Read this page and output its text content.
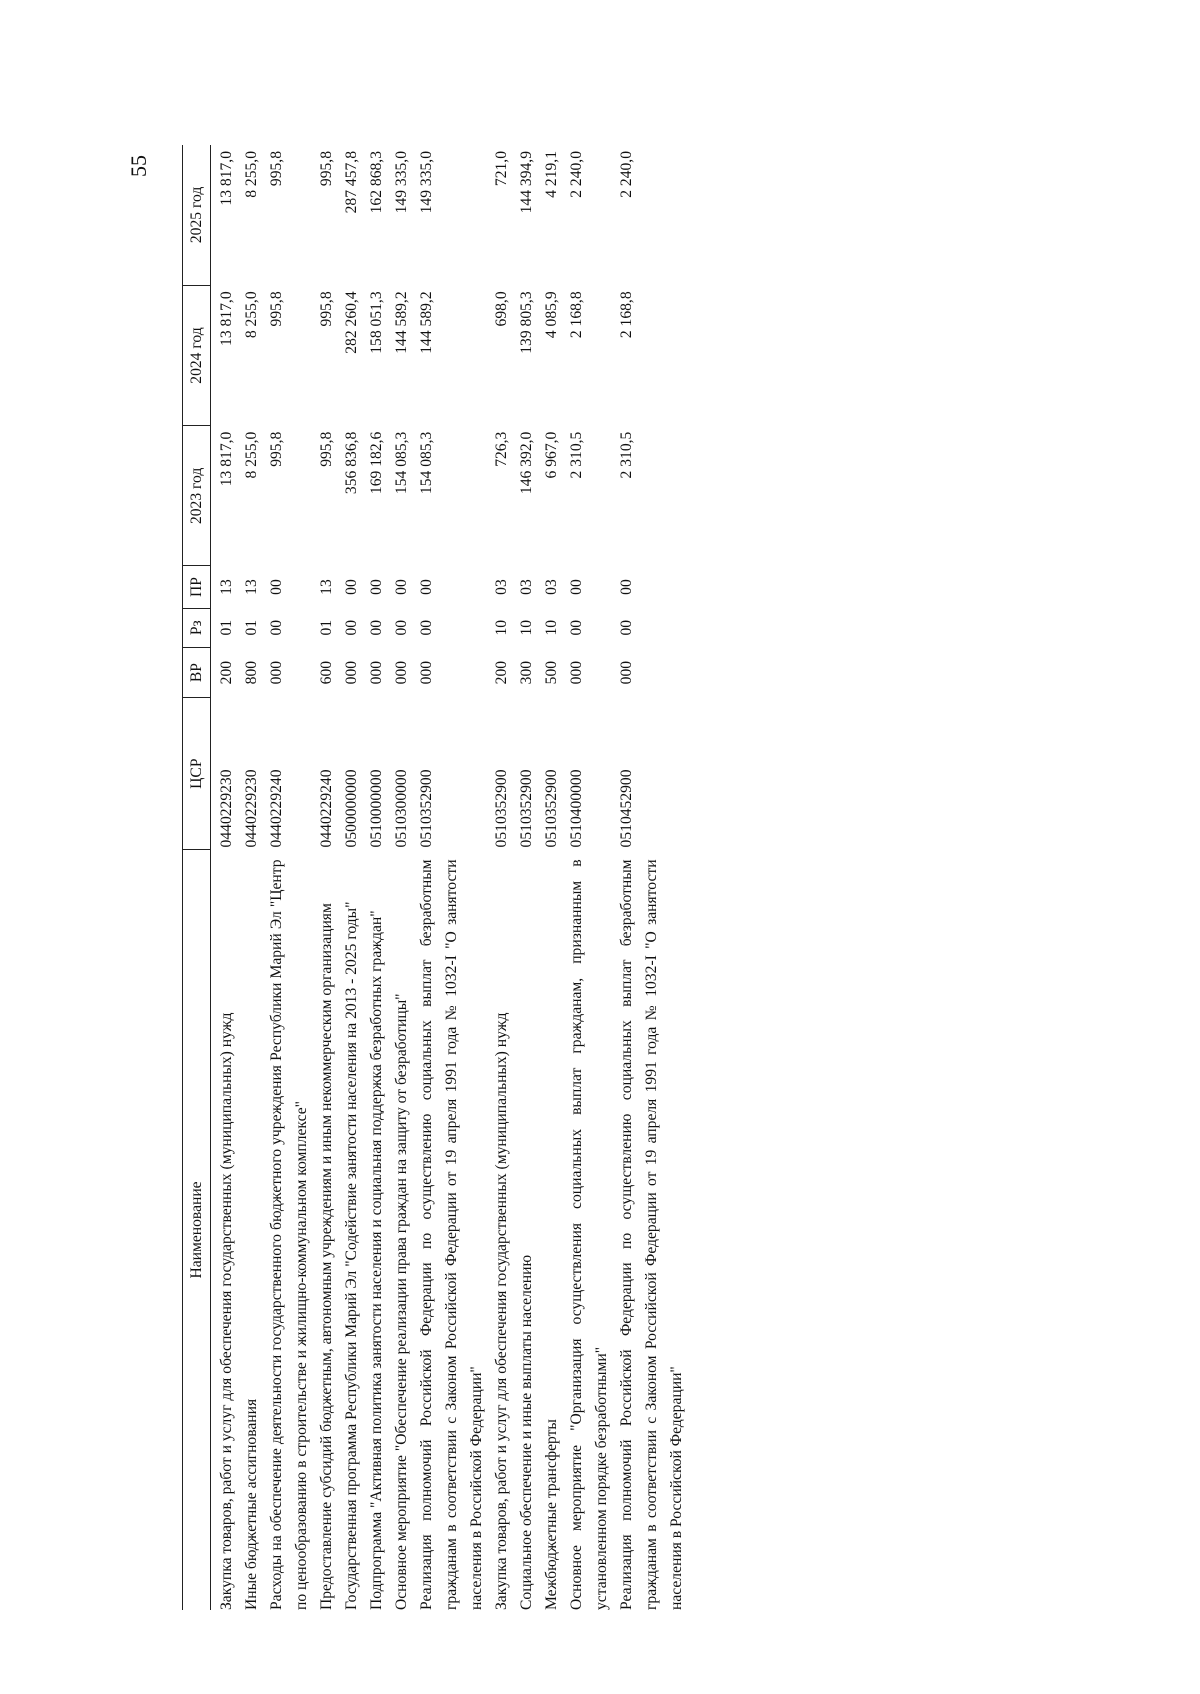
55
Наименование	ЦСР	ВР	Рз	ПР	2023 год	2024 год	2025 год
Закупка товаров, работ и услуг для обеспечения государственных (муниципальных) нужд	0440229230	200	01	13	13 817,0	13 817,0	13 817,0
Иные бюджетные ассигнования	0440229230	800	01	13	8 255,0	8 255,0	8 255,0
Расходы на обеспечение деятельности государственного бюджетного учреждения Республики Марий Эл "Центр по ценообразованию в строительстве и жилищно-коммунальном комплексе"	0440229240	000	00	00	995,8	995,8	995,8
Предоставление субсидий бюджетным, автономным учреждениям и иным некоммерческим организациям	0440229240	600	01	13	995,8	995,8	995,8
Государственная программа Республики Марий Эл "Содействие занятости населения на 2013 - 2025 годы"	0500000000	000	00	00	356 836,8	282 260,4	287 457,8
Подпрограмма "Активная политика занятости населения и социальная поддержка безработных граждан"	0510000000	000	00	00	169 182,6	158 051,3	162 868,3
Основное мероприятие "Обеспечение реализации права граждан на защиту от безработицы"	0510300000	000	00	00	154 085,3	144 589,2	149 335,0
Реализация полномочий Российской Федерации по осуществлению социальных выплат безработным гражданам в соответствии с Законом Российской Федерации от 19 апреля 1991 года № 1032-I "О занятости населения в Российской Федерации"	0510352900	000	00	00	154 085,3	144 589,2	149 335,0
Закупка товаров, работ и услуг для обеспечения государственных (муниципальных) нужд	0510352900	200	10	03	726,3	698,0	721,0
Социальное обеспечение и иные выплаты населению	0510352900	300	10	03	146 392,0	139 805,3	144 394,9
Межбюджетные трансферты	0510352900	500	10	03	6 967,0	4 085,9	4 219,1
Основное мероприятие "Организация осуществления социальных выплат гражданам, признанным в установленном порядке безработными"	0510400000	000	00	00	2 310,5	2 168,8	2 240,0
Реализация полномочий Российской Федерации по осуществлению социальных выплат безработным гражданам в соответствии с Законом Российской Федерации от 19 апреля 1991 года № 1032-I "О занятости населения в Российской Федерации"	0510452900	000	00	00	2 310,5	2 168,8	2 240,0
